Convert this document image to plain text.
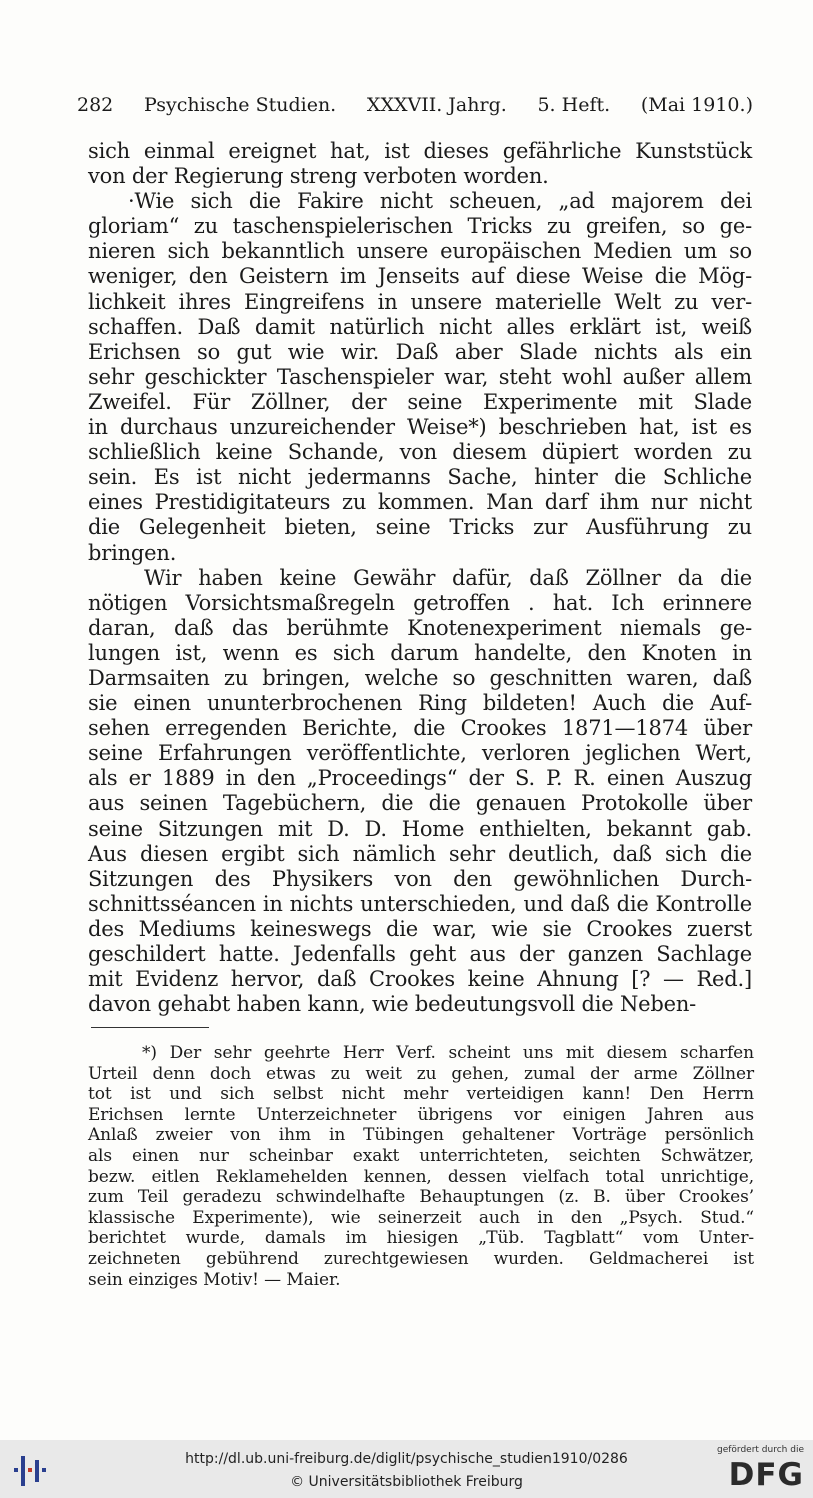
282 Psychische Studien. XXXVII. Jahrg. 5. Heft. (Mai 1910.)
sich einmal ereignet hat, ist dieses gefährliche Kunststück
von der Regierung streng verboten worden.
·Wie sich die Fakire nicht scheuen, „ad majorem dei
gloriam“ zu taschenspielerischen Tricks zu greifen, so ge-
nieren sich bekanntlich unsere europäischen Medien um so
weniger, den Geistern im Jenseits auf diese Weise die Mög-
lichkeit ihres Eingreifens in unsere materielle Welt zu ver-
schaffen. Daß damit natürlich nicht alles erklärt ist, weiß
Erichsen so gut wie wir. Daß aber Slade nichts als ein
sehr geschickter Taschenspieler war, steht wohl außer allem
Zweifel. Für Zöllner, der seine Experimente mit Slade
in durchaus unzureichender Weise*) beschrieben hat, ist es
schließlich keine Schande, von diesem düpiert worden zu
sein. Es ist nicht jedermanns Sache, hinter die Schliche
eines Prestidigitateurs zu kommen. Man darf ihm nur nicht
die Gelegenheit bieten, seine Tricks zur Ausführung zu
bringen.
Wir haben keine Gewähr dafür, daß Zöllner da die
nötigen Vorsichtsmaßregeln getroffen . hat. Ich erinnere
daran, daß das berühmte Knotenexperiment niemals ge-
lungen ist, wenn es sich darum handelte, den Knoten in
Darmsaiten zu bringen, welche so geschnitten waren, daß
sie einen ununterbrochenen Ring bildeten! Auch die Auf-
sehen erregenden Berichte, die Crookes 1871—1874 über
seine Erfahrungen veröffentlichte, verloren jeglichen Wert,
als er 1889 in den „Proceedings“ der S. P. R. einen Auszug
aus seinen Tagebüchern, die die genauen Protokolle über
seine Sitzungen mit D. D. Home enthielten, bekannt gab.
Aus diesen ergibt sich nämlich sehr deutlich, daß sich die
Sitzungen des Physikers von den gewöhnlichen Durch-
schnittsséancen in nichts unterschieden, und daß die Kontrolle
des Mediums keineswegs die war, wie sie Crookes zuerst
geschildert hatte. Jedenfalls geht aus der ganzen Sachlage
mit Evidenz hervor, daß Crookes keine Ahnung [? — Red.]
davon gehabt haben kann, wie bedeutungsvoll die Neben-
*) Der sehr geehrte Herr Verf. scheint uns mit diesem scharfen
Urteil denn doch etwas zu weit zu gehen, zumal der arme Zöllner
tot ist und sich selbst nicht mehr verteidigen kann! Den Herrn
Erichsen lernte Unterzeichneter übrigens vor einigen Jahren aus
Anlaß zweier von ihm in Tübingen gehaltener Vorträge persönlich
als einen nur scheinbar exakt unterrichteten, seichten Schwätzer,
bezw. eitlen Reklamehelden kennen, dessen vielfach total unrichtige,
zum Teil geradezu schwindelhafte Behauptungen (z. B. über Crookes’
klassische Experimente), wie seinerzeit auch in den „Psych. Stud.“
berichtet wurde, damals im hiesigen „Tüb. Tagblatt“ vom Unter-
zeichneten gebührend zurechtgewiesen wurden. Geldmacherei ist
sein einziges Motiv! — Maier.
http://dl.ub.uni-freiburg.de/diglit/psychische_studien1910/0286
© Universitätsbibliothek Freiburg
gefördert durch die
DFG
